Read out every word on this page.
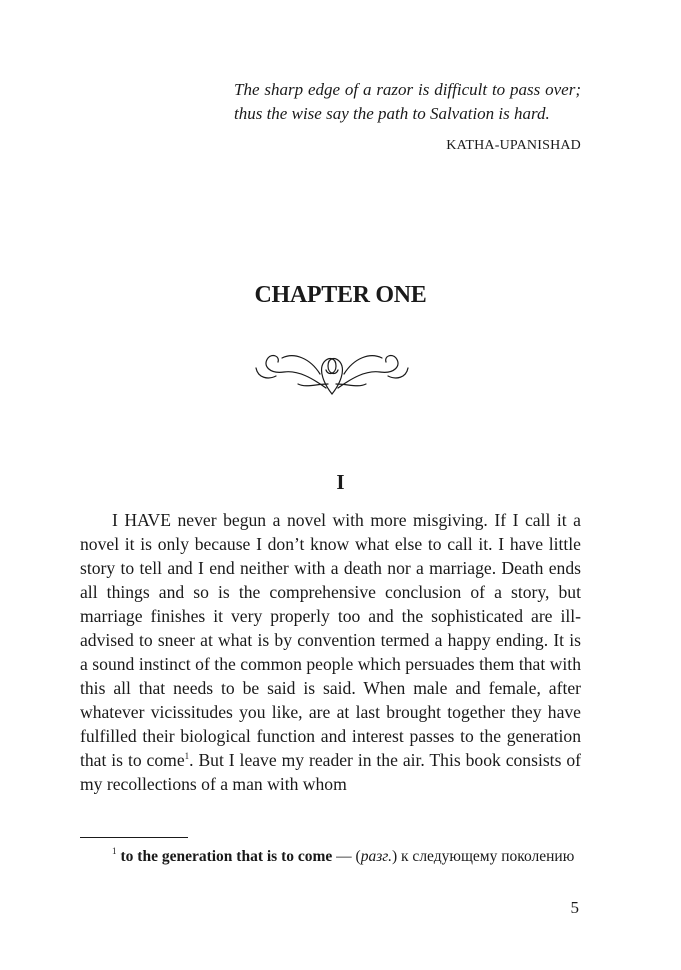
The sharp edge of a razor is difficult to pass over; thus the wise say the path to Salvation is hard.

KATHA-UPANISHAD

CHAPTER ONE
I

I HAVE never begun a novel with more misgiving. If I call it a novel it is only because I don’t know what else to call it. I have little story to tell and I end neither with a death nor a marriage. Death ends all things and so is the comprehensive conclusion of a story, but marriage finishes it very properly too and the sophisticated are ill-advised to sneer at what is by convention termed a happy ending. It is a sound instinct of the common people which persuades them that with this all that needs to be said is said. When male and female, after whatever vicissitudes you like, are at last brought together they have fulfilled their biological function and interest passes to the generation that is to come$^1$. But I leave my reader in the air. This book consists of my recollections of a man with whom

$^1$ to the generation that is to come — (разг.) к следующему поколению

5
